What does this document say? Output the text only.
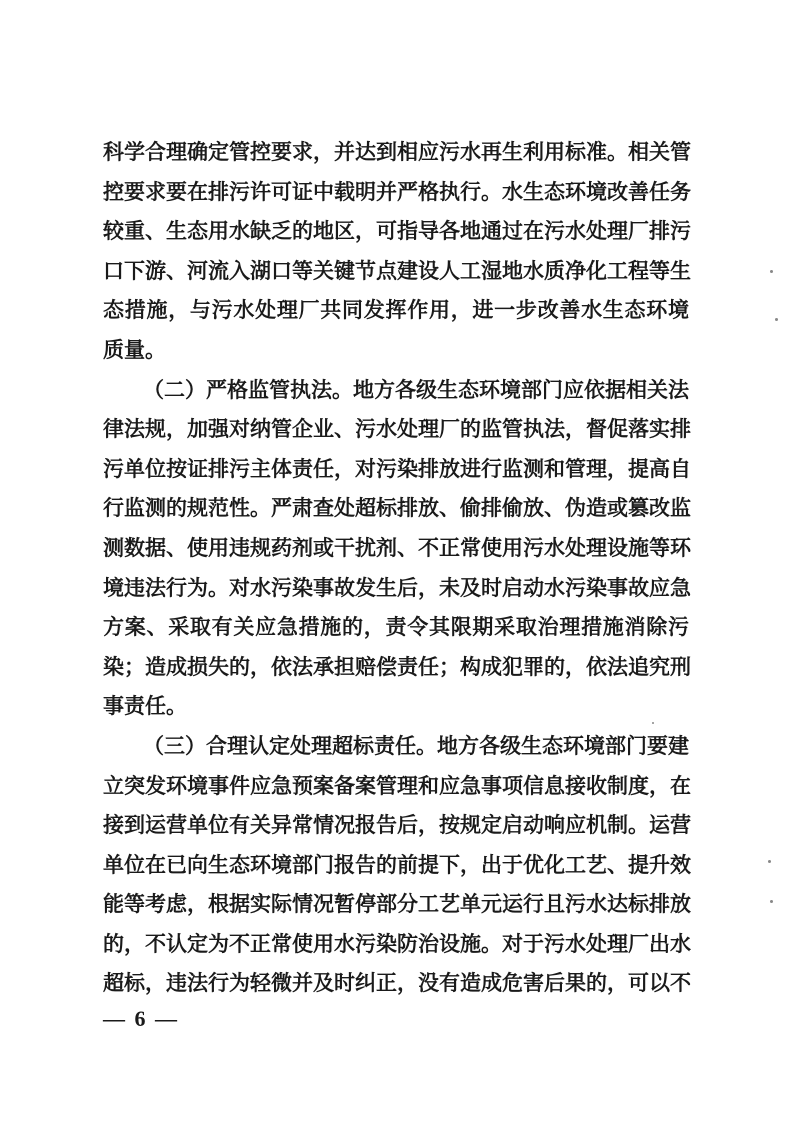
科学合理确定管控要求，并达到相应污水再生利用标准。相关管
控要求要在排污许可证中载明并严格执行。水生态环境改善任务
较重、生态用水缺乏的地区，可指导各地通过在污水处理厂排污
口下游、河流入湖口等关键节点建设人工湿地水质净化工程等生
态措施，与污水处理厂共同发挥作用，进一步改善水生态环境
质量。
（二）严格监管执法。地方各级生态环境部门应依据相关法
律法规，加强对纳管企业、污水处理厂的监管执法，督促落实排
污单位按证排污主体责任，对污染排放进行监测和管理，提高自
行监测的规范性。严肃查处超标排放、偷排偷放、伪造或篡改监
测数据、使用违规药剂或干扰剂、不正常使用污水处理设施等环
境违法行为。对水污染事故发生后，未及时启动水污染事故应急
方案、采取有关应急措施的，责令其限期采取治理措施消除污
染；造成损失的，依法承担赔偿责任；构成犯罪的，依法追究刑
事责任。
（三）合理认定处理超标责任。地方各级生态环境部门要建
立突发环境事件应急预案备案管理和应急事项信息接收制度，在
接到运营单位有关异常情况报告后，按规定启动响应机制。运营
单位在已向生态环境部门报告的前提下，出于优化工艺、提升效
能等考虑，根据实际情况暂停部分工艺单元运行且污水达标排放
的，不认定为不正常使用水污染防治设施。对于污水处理厂出水
超标，违法行为轻微并及时纠正，没有造成危害后果的，可以不
— 6 —
